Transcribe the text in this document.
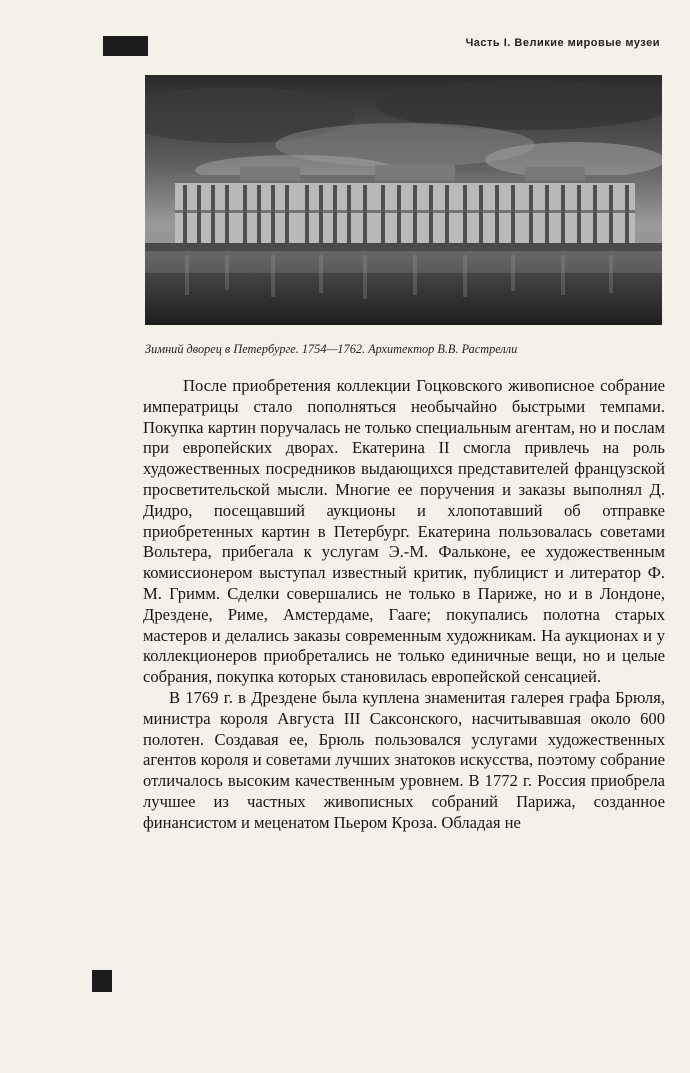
Часть I. Великие мировые музеи
Зимний дворец в Петербурге. 1754—1762. Архитектор В.В. Растрелли

После приобретения коллекции Гоцковского живописное собрание императрицы стало пополняться необычайно быстрыми темпами. Покупка картин поручалась не только специальным агентам, но и послам при европейских дворах. Екатерина II смогла привлечь на роль художественных посредников выдающихся представителей французской просветительской мысли. Многие ее поручения и заказы выполнял Д. Дидро, посещавший аукционы и хлопотавший об отправке приобретенных картин в Петербург. Екатерина пользовалась советами Вольтера, прибегала к услугам Э.-М. Фальконе, ее художественным комиссионером выступал известный критик, публицист и литератор Ф. М. Гримм. Сделки совершались не только в Париже, но и в Лондоне, Дрездене, Риме, Амстердаме, Гааге; покупались полотна старых мастеров и делались заказы современным художникам. На аукционах и у коллекционеров приобретались не только единичные вещи, но и целые собрания, покупка которых становилась европейской сенсацией.

В 1769 г. в Дрездене была куплена знаменитая галерея графа Брюля, министра короля Августа III Саксонского, насчитывавшая около 600 полотен. Создавая ее, Брюль пользовался услугами художественных агентов короля и советами лучших знатоков искусства, поэтому собрание отличалось высоким качественным уровнем. В 1772 г. Россия приобрела лучшее из частных живописных собраний Парижа, созданное финансистом и меценатом Пьером Кроза. Обладая не
